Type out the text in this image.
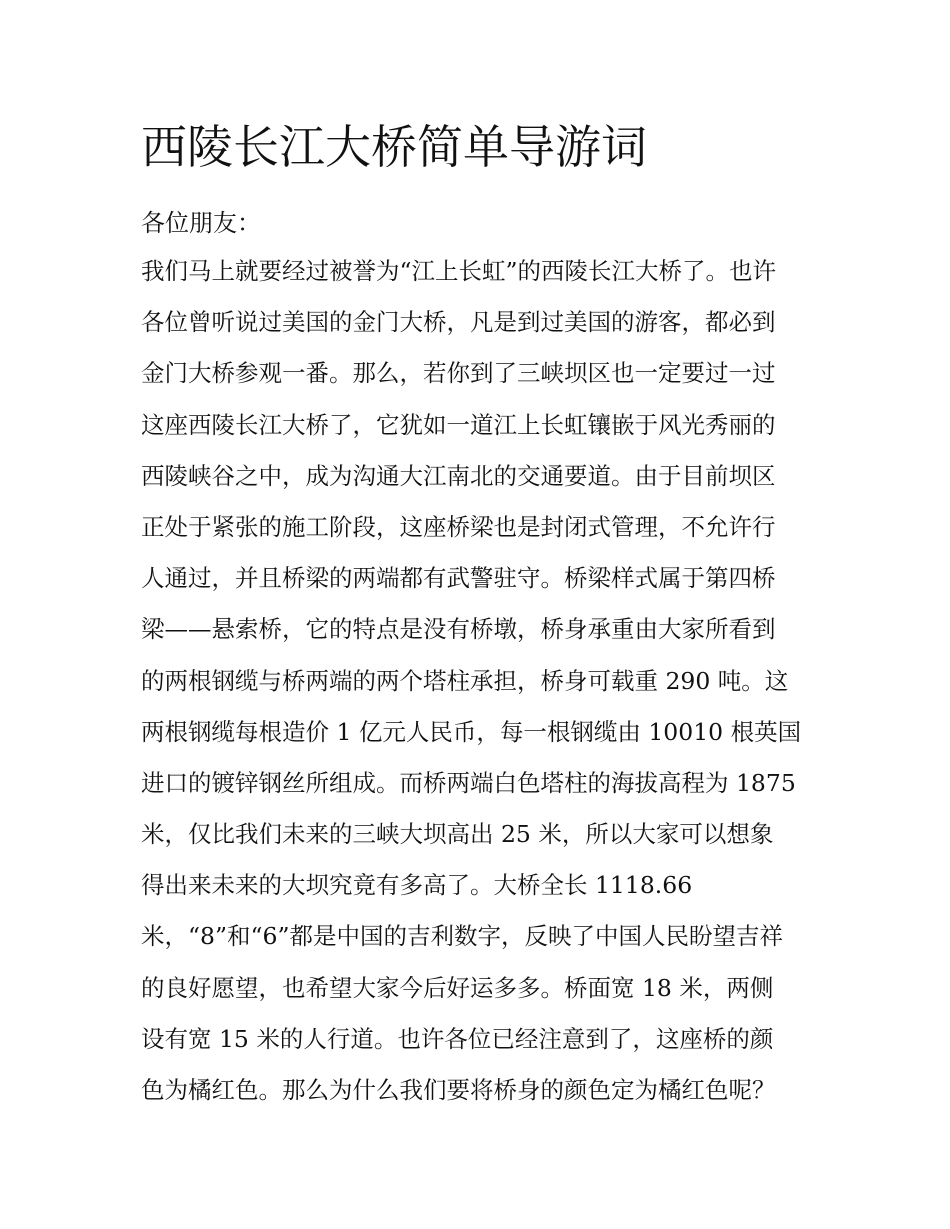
西陵长江大桥简单导游词

各位朋友：

我们马上就要经过被誉为“江上长虹”的西陵长江大桥了。也许
各位曾听说过美国的金门大桥，凡是到过美国的游客，都必到
金门大桥参观一番。那么，若你到了三峡坝区也一定要过一过
这座西陵长江大桥了，它犹如一道江上长虹镶嵌于风光秀丽的
西陵峡谷之中，成为沟通大江南北的交通要道。由于目前坝区
正处于紧张的施工阶段，这座桥梁也是封闭式管理，不允许行
人通过，并且桥梁的两端都有武警驻守。桥梁样式属于第四桥
梁——悬索桥，它的特点是没有桥墩，桥身承重由大家所看到
的两根钢缆与桥两端的两个塔柱承担，桥身可载重 290 吨。这
两根钢缆每根造价 1 亿元人民币，每一根钢缆由 10010 根英国
进口的镀锌钢丝所组成。而桥两端白色塔柱的海拔高程为 1875
米，仅比我们未来的三峡大坝高出 25 米，所以大家可以想象
得出来未来的大坝究竟有多高了。大桥全长 1118.66
米，“8”和“6”都是中国的吉利数字，反映了中国人民盼望吉祥
的良好愿望，也希望大家今后好运多多。桥面宽 18 米，两侧
设有宽 15 米的人行道。也许各位已经注意到了，这座桥的颜
色为橘红色。那么为什么我们要将桥身的颜色定为橘红色呢？
